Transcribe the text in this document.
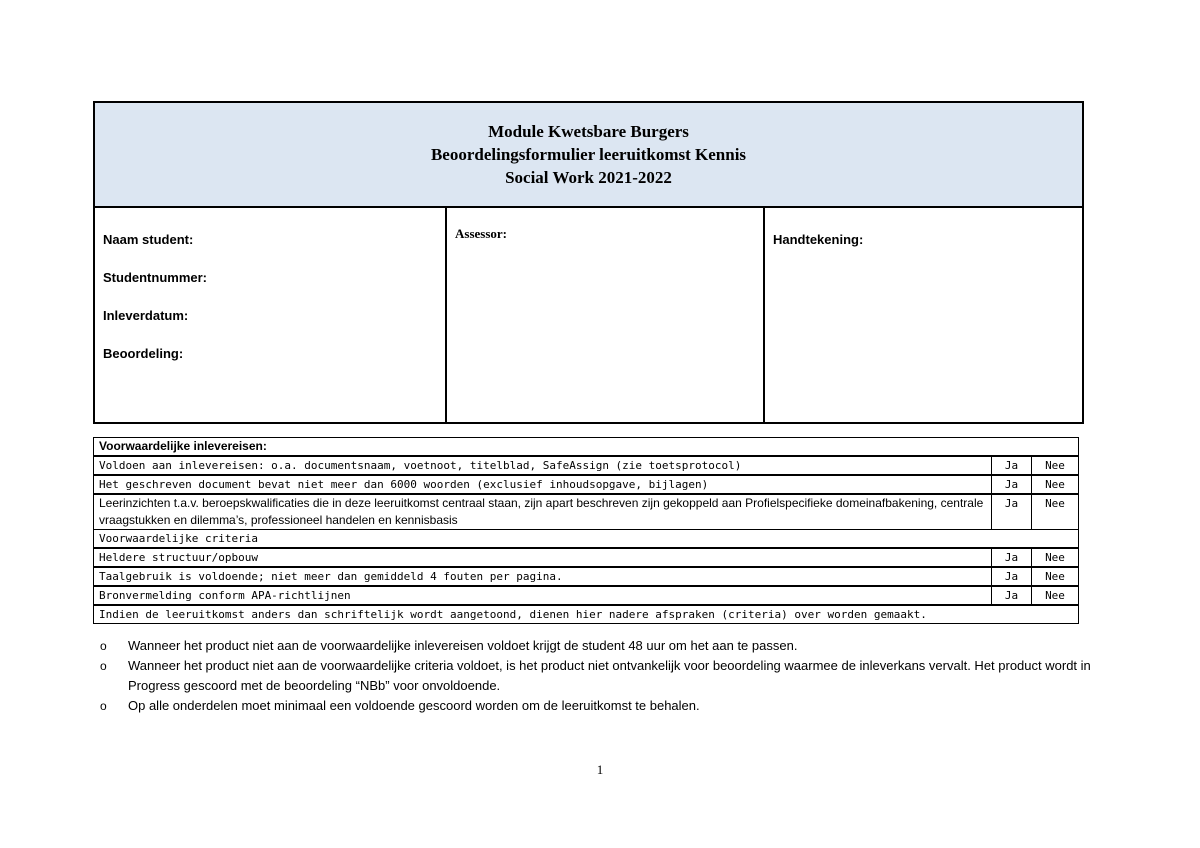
Module Kwetsbare Burgers
Beoordelingsformulier leeruitkomst Kennis
Social Work 2021-2022

Naam student:
Studentnummer:
Inleverdatum:
Beoordeling:
	Assessor:	Handtekening:
Voorwaardelijke inlevereisen:		
Voldoen aan inlevereisen: o.a. documentsnaam, voetnoot, titelblad, SafeAssign (zie toetsprotocol)	Ja	Nee
Het geschreven document bevat niet meer dan 6000 woorden (exclusief inhoudsopgave, bijlagen)	Ja	Nee
Leerinzichten t.a.v. beroepskwalificaties die in deze leeruitkomst centraal staan, zijn apart beschreven zijn gekoppeld aan Profielspecifieke domeinafbakening, centrale vraagstukken en dilemma’s, professioneel handelen en kennisbasis	Ja	Nee
Voorwaardelijke criteria		
Heldere structuur/opbouw	Ja	Nee
Taalgebruik is voldoende; niet meer dan gemiddeld 4 fouten per pagina.	Ja	Nee
Bronvermelding conform APA-richtlijnen	Ja	Nee
Indien de leeruitkomst anders dan schriftelijk wordt aangetoond, dienen hier nadere afspraken (criteria) over worden gemaakt.		
o	Wanneer het product niet aan de voorwaardelijke inlevereisen voldoet krijgt de student 48 uur om het aan te passen.
o	Wanneer het product niet aan de voorwaardelijke criteria voldoet, is het product niet ontvankelijk voor beoordeling waarmee de inleverkans vervalt. Het product wordt in Progress gescoord met de beoordeling “NBb” voor onvoldoende.
o	Op alle onderdelen moet minimaal een voldoende gescoord worden om de leeruitkomst te behalen.
1
